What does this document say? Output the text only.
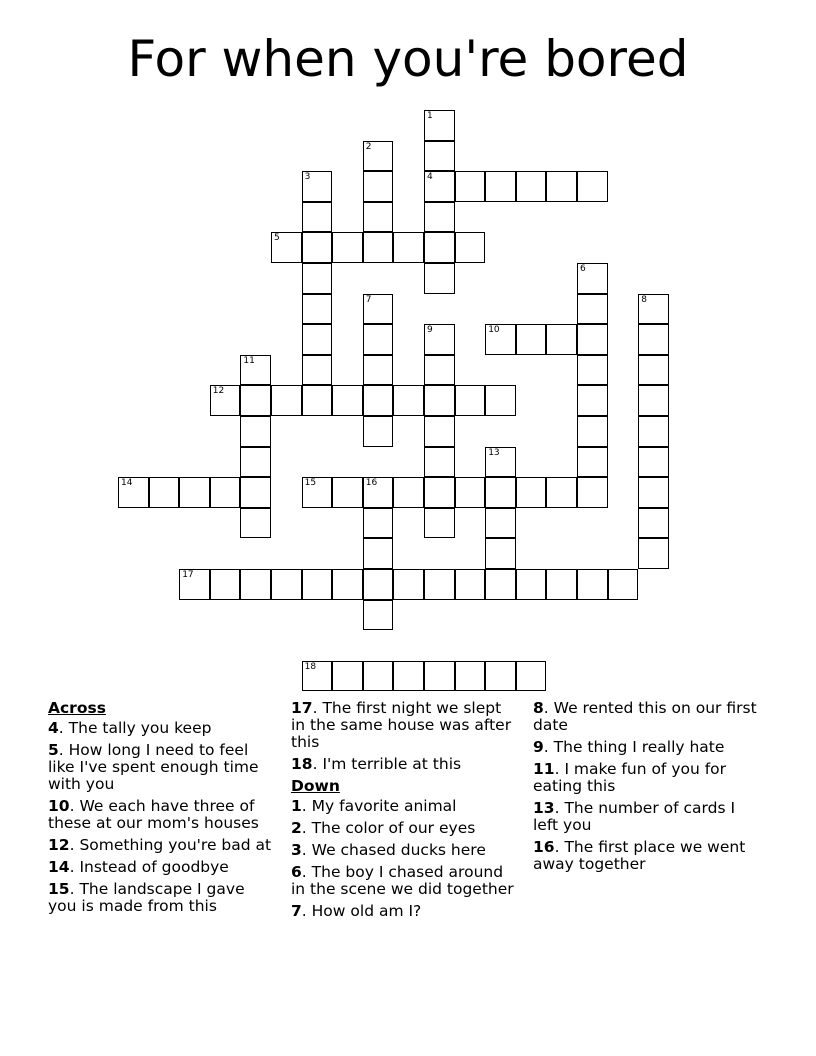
For when you're bored
4
5
10
12
14	15	16
17
18
1
2
3
6
7	8
9
11
13
Across
4. The tally you keep
5. How long I need to feel like I've spent enough time with you
10. We each have three of these at our mom's houses
12. Something you're bad at
14. Instead of goodbye
15. The landscape I gave you is made from this
17. The first night we slept in the same house was after this
18. I'm terrible at this
Down
1. My favorite animal
2. The color of our eyes
3. We chased ducks here
6. The boy I chased around in the scene we did together
7. How old am I?
8. We rented this on our first date
9. The thing I really hate
11. I make fun of you for eating this
13. The number of cards I left you
16. The first place we went away together
